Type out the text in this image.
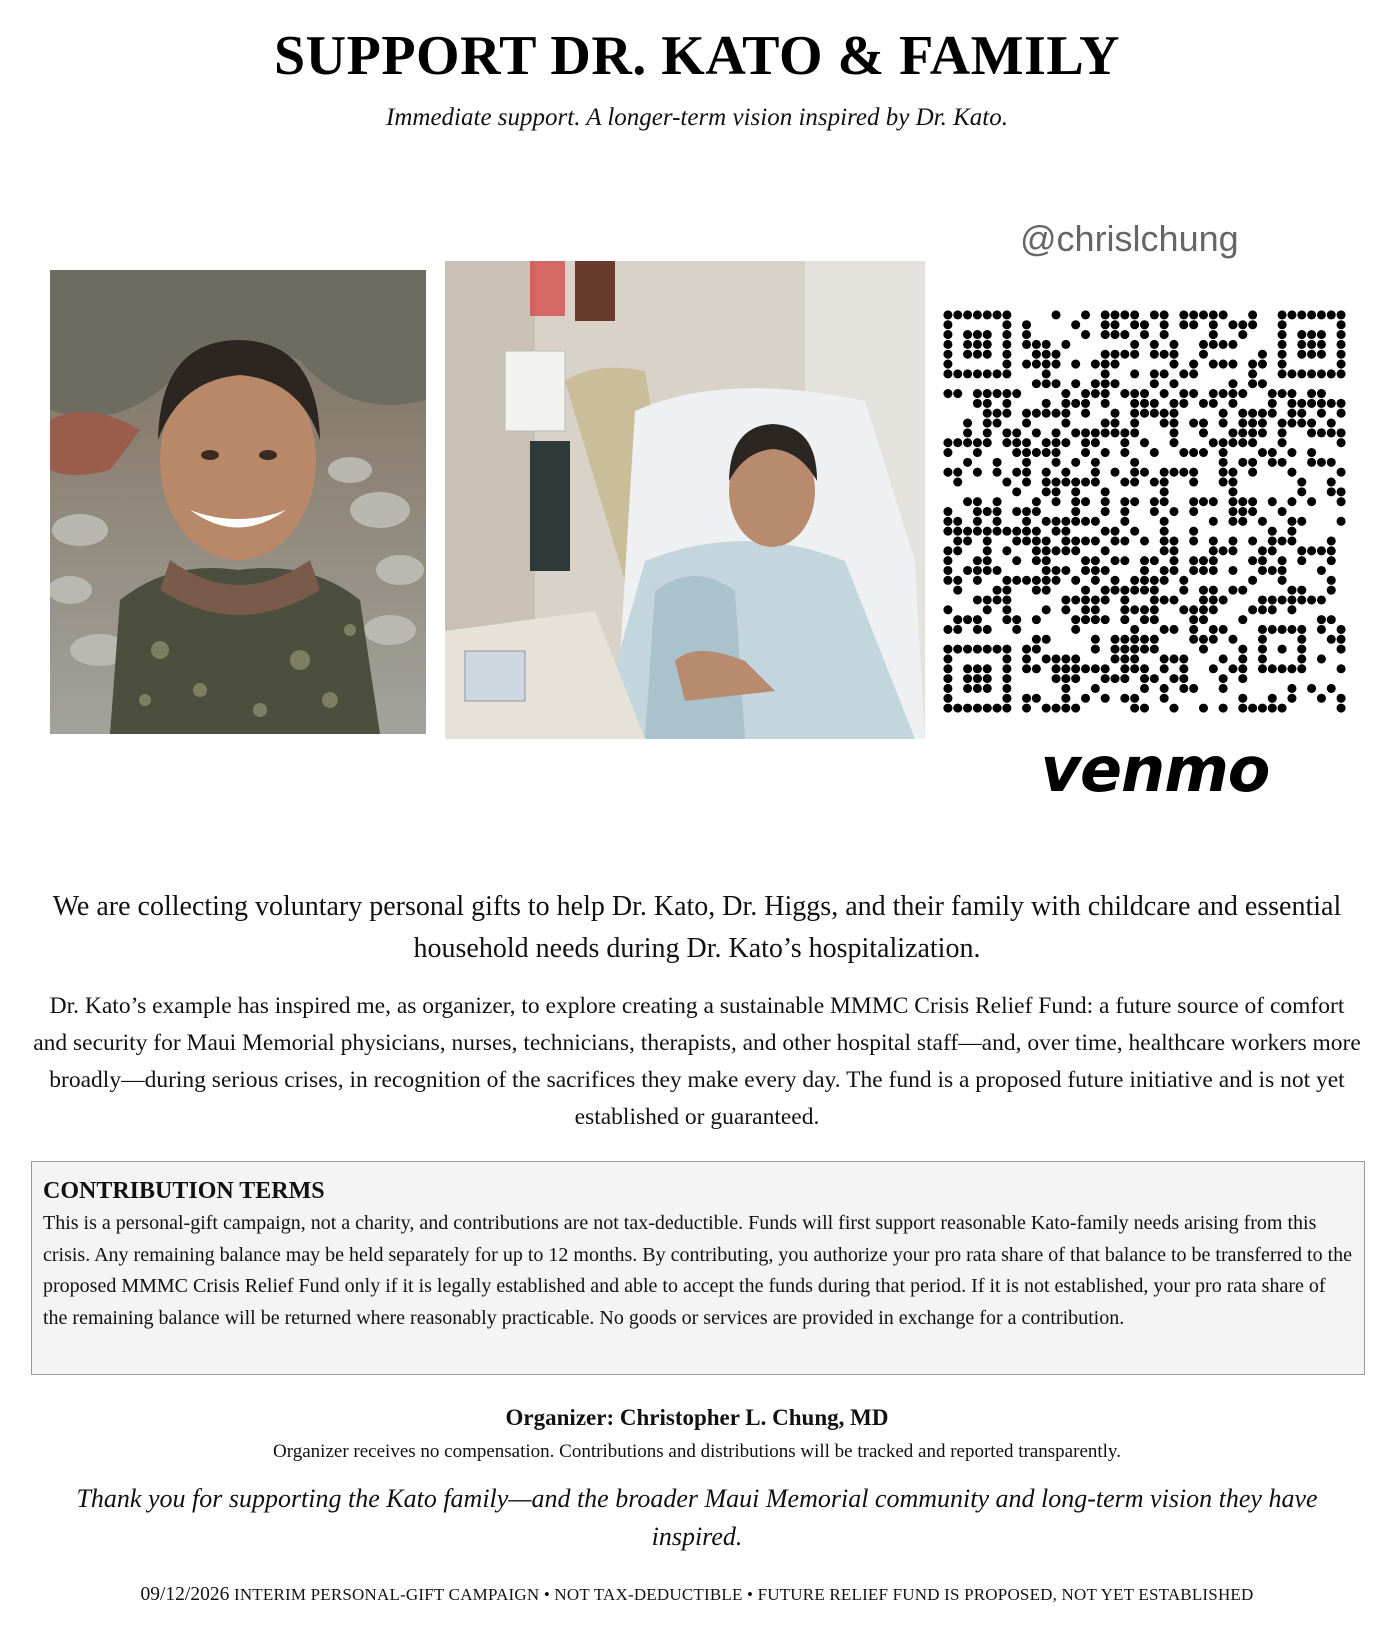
SUPPORT DR. KATO & FAMILY
Immediate support. A longer-term vision inspired by Dr. Kato.
@chrislchung
venmo
We are collecting voluntary personal gifts to help Dr. Kato, Dr. Higgs, and their family with childcare and essential household needs during Dr. Kato’s hospitalization.
Dr. Kato’s example has inspired me, as organizer, to explore creating a sustainable MMMC Crisis Relief Fund: a future source of comfort and security for Maui Memorial physicians, nurses, technicians, therapists, and other hospital staff—and, over time, healthcare workers more broadly—during serious crises, in recognition of the sacrifices they make every day. The fund is a proposed future initiative and is not yet established or guaranteed.
CONTRIBUTION TERMS
This is a personal-gift campaign, not a charity, and contributions are not tax-deductible. Funds will first support reasonable Kato-family needs arising from this crisis. Any remaining balance may be held separately for up to 12 months. By contributing, you authorize your pro rata share of that balance to be transferred to the proposed MMMC Crisis Relief Fund only if it is legally established and able to accept the funds during that period. If it is not established, your pro rata share of the remaining balance will be returned where reasonably practicable. No goods or services are provided in exchange for a contribution.
Organizer: Christopher L. Chung, MD
Organizer receives no compensation. Contributions and distributions will be tracked and reported transparently.
Thank you for supporting the Kato family—and the broader Maui Memorial community and long-term vision they have inspired.
09/12/2026 INTERIM PERSONAL-GIFT CAMPAIGN • NOT TAX-DEDUCTIBLE • FUTURE RELIEF FUND IS PROPOSED, NOT YET ESTABLISHED
